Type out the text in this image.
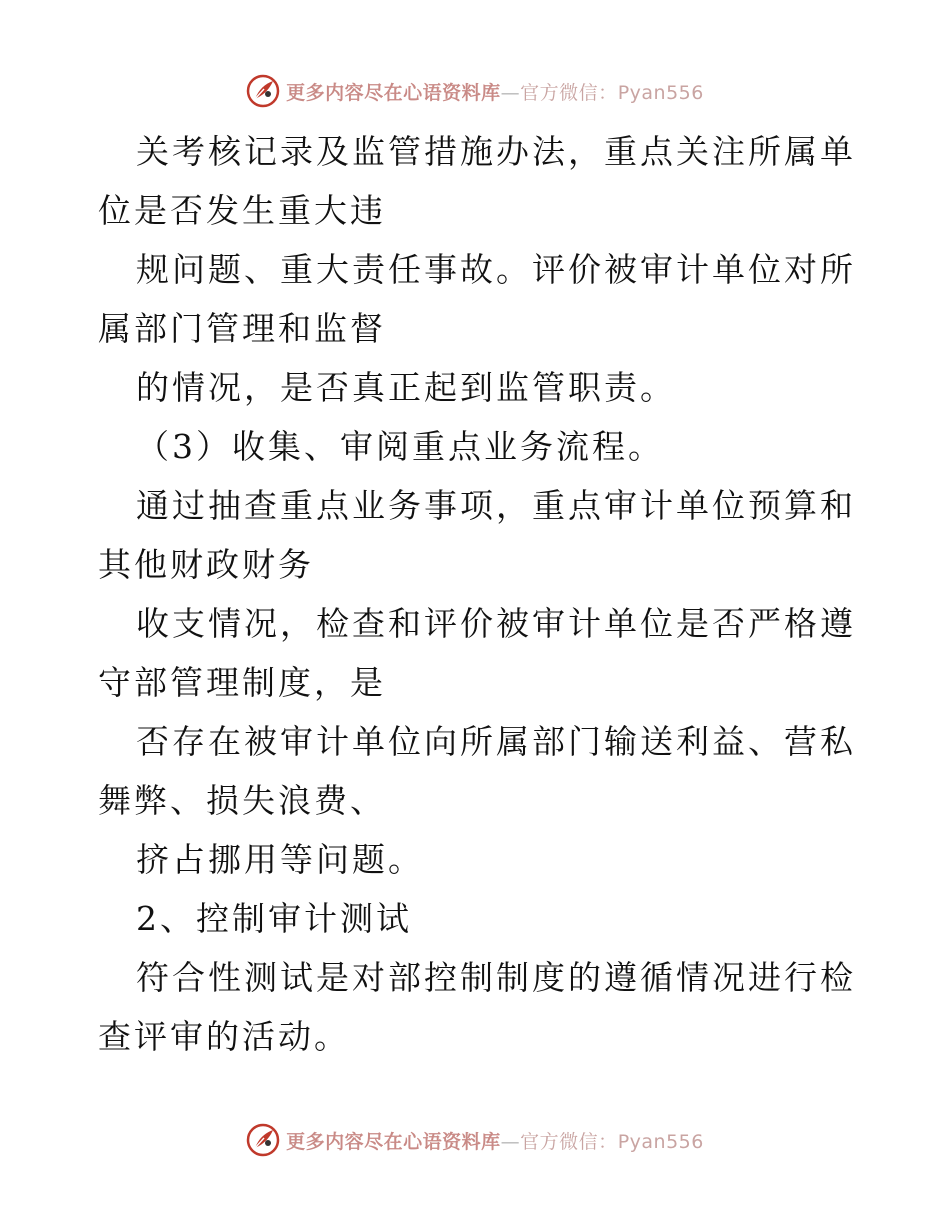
更多内容尽在心语资料库—官方微信：Pyan556

关考核记录及监管措施办法，重点关注所属单位是否发生重大违

规问题、重大责任事故。评价被审计单位对所属部门管理和监督

的情况，是否真正起到监管职责。

（3）收集、审阅重点业务流程。

通过抽查重点业务事项，重点审计单位预算和其他财政财务

收支情况，检查和评价被审计单位是否严格遵守部管理制度，是

否存在被审计单位向所属部门输送利益、营私舞弊、损失浪费、

挤占挪用等问题。

2、控制审计测试

符合性测试是对部控制制度的遵循情况进行检查评审的活动。

更多内容尽在心语资料库—官方微信：Pyan556
